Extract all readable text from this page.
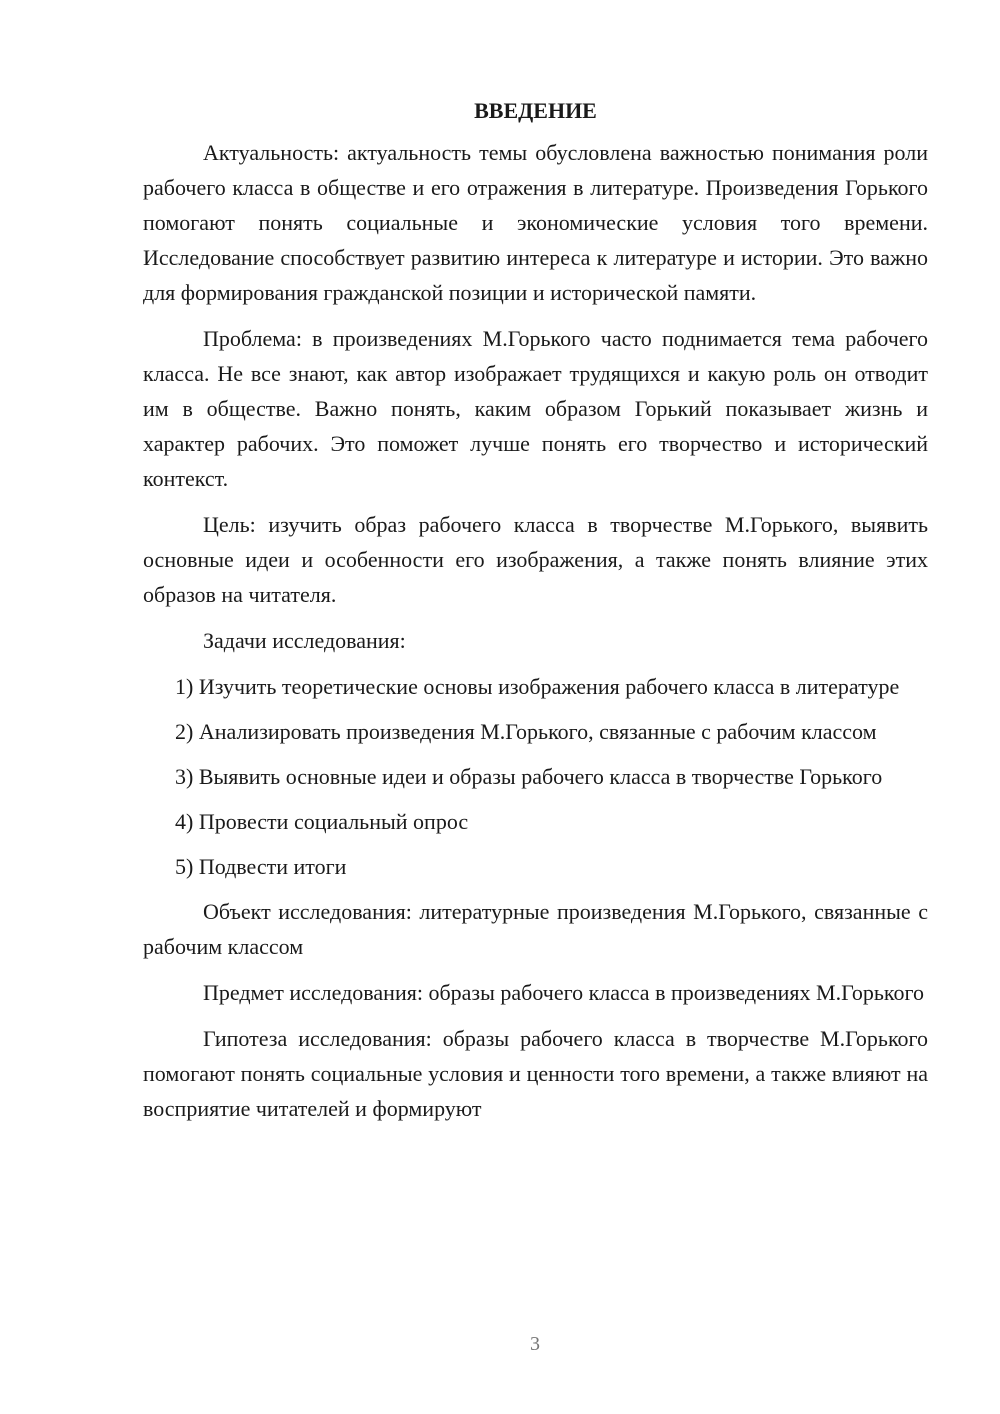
ВВЕДЕНИЕ

Актуальность: актуальность темы обусловлена важностью понимания роли рабочего класса в обществе и его отражения в литературе. Произведения Горького помогают понять социальные и экономические условия того времени. Исследование способствует развитию интереса к литературе и истории. Это важно для формирования гражданской позиции и исторической памяти.

Проблема: в произведениях М.Горького часто поднимается тема рабочего класса. Не все знают, как автор изображает трудящихся и какую роль он отводит им в обществе. Важно понять, каким образом Горький показывает жизнь и характер рабочих. Это поможет лучше понять его творчество и исторический контекст.

Цель: изучить образ рабочего класса в творчестве М.Горького, выявить основные идеи и особенности его изображения, а также понять влияние этих образов на читателя.

Задачи исследования:

1) Изучить теоретические основы изображения рабочего класса в литературе

2) Анализировать произведения М.Горького, связанные с рабочим классом

3) Выявить основные идеи и образы рабочего класса в творчестве Горького

4) Провести социальный опрос

5) Подвести итоги

Объект исследования: литературные произведения М.Горького, связанные с рабочим классом

Предмет исследования: образы рабочего класса в произведениях М.Горького

Гипотеза исследования: образы рабочего класса в творчестве М.Горького помогают понять социальные условия и ценности того времени, а также влияют на восприятие читателей и формируют

3
